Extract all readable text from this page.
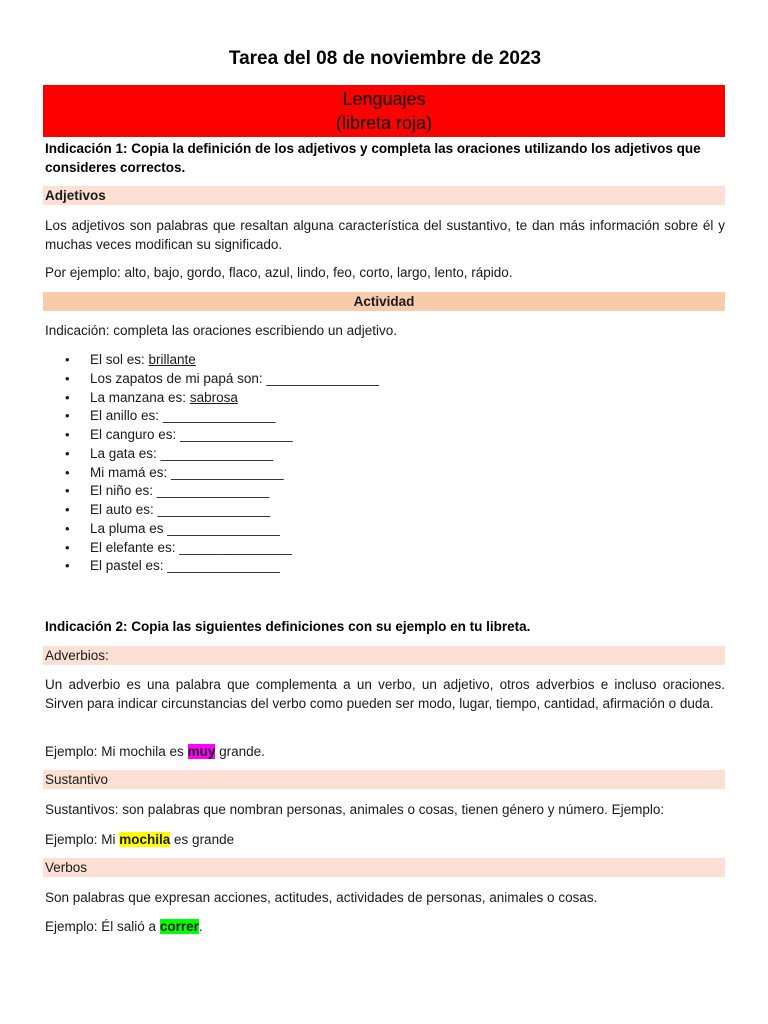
Tarea del 08 de noviembre de 2023
Lenguajes
(libreta roja)
Indicación 1: Copia la definición de los adjetivos y completa las oraciones utilizando los adjetivos que consideres correctos.
Adjetivos
Los adjetivos son palabras que resaltan alguna característica del sustantivo, te dan más información sobre él y muchas veces modifican su significado.
Por ejemplo: alto, bajo, gordo, flaco, azul, lindo, feo, corto, largo, lento, rápido.
Actividad
Indicación: completa las oraciones escribiendo un adjetivo.
• El sol es: brillante
• Los zapatos de mi papá son: _______________
• La manzana es: sabrosa
• El anillo es: _______________
• El canguro es: _______________
• La gata es: _______________
• Mi mamá es: _______________
• El niño es: _______________
• El auto es: _______________
• La pluma es _______________
• El elefante es: _______________
• El pastel es: _______________
Indicación 2: Copia las siguientes definiciones con su ejemplo en tu libreta.
Adverbios:
Un adverbio es una palabra que complementa a un verbo, un adjetivo, otros adverbios e incluso oraciones. Sirven para indicar circunstancias del verbo como pueden ser modo, lugar, tiempo, cantidad, afirmación o duda.
Ejemplo: Mi mochila es muy grande.
Sustantivo
Sustantivos: son palabras que nombran personas, animales o cosas, tienen género y número. Ejemplo:
Ejemplo: Mi mochila es grande
Verbos
Son palabras que expresan acciones, actitudes, actividades de personas, animales o cosas.
Ejemplo: Él salió a correr.
